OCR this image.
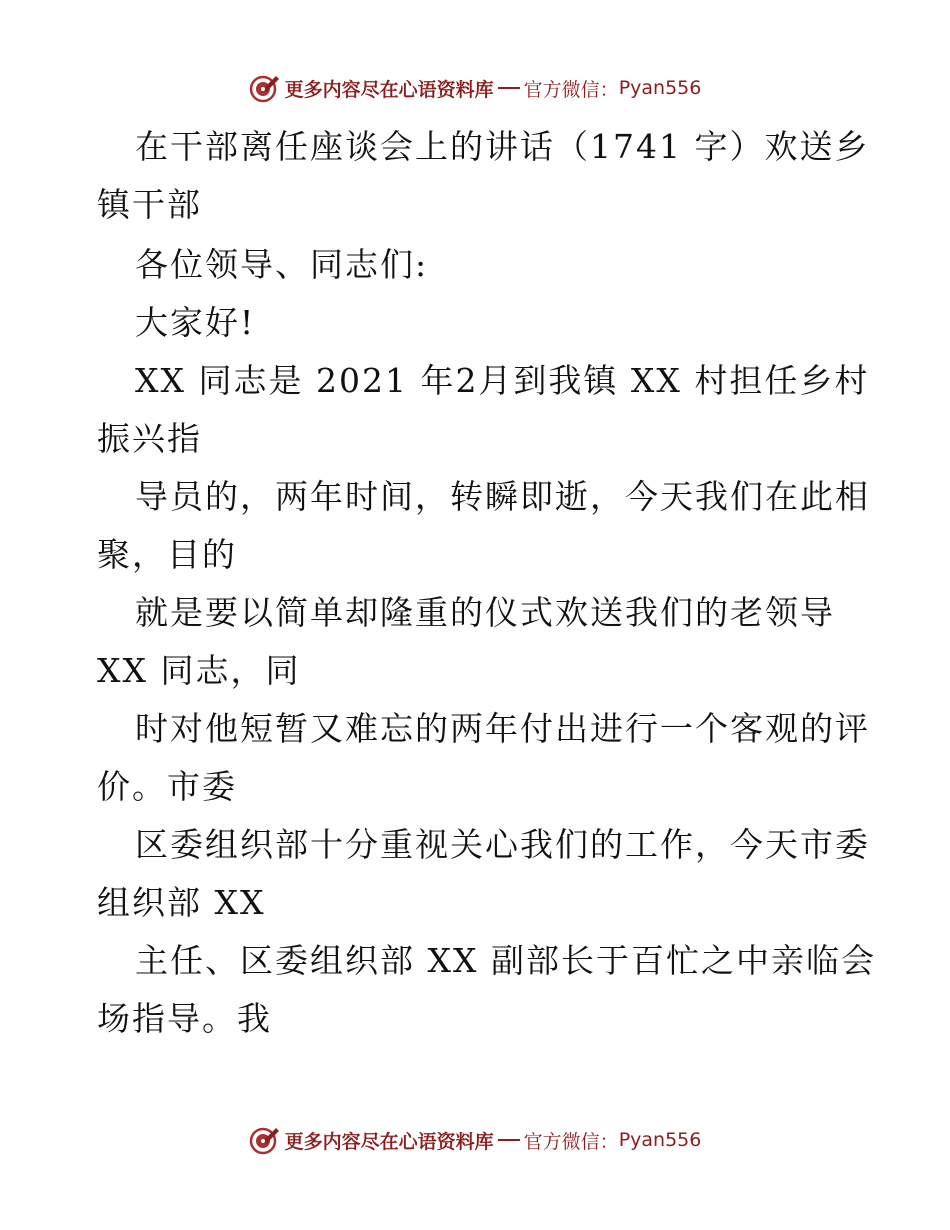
更多内容尽在心语资料库 官方微信： Pyan556
在干部离任座谈会上的讲话（1741 字）欢送乡
镇干部
各位领导、同志们:
大家好!
XX 同志是 2021 年2月到我镇 XX 村担任乡村
振兴指
导员的，两年时间，转瞬即逝，今天我们在此相
聚，目的
就是要以简单却隆重的仪式欢送我们的老领导
XX 同志，同
时对他短暂又难忘的两年付出进行一个客观的评
价。市委
区委组织部十分重视关心我们的工作，今天市委
组织部 XX
主任、区委组织部 XX 副部长于百忙之中亲临会
场指导。我
更多内容尽在心语资料库 官方微信： Pyan556
